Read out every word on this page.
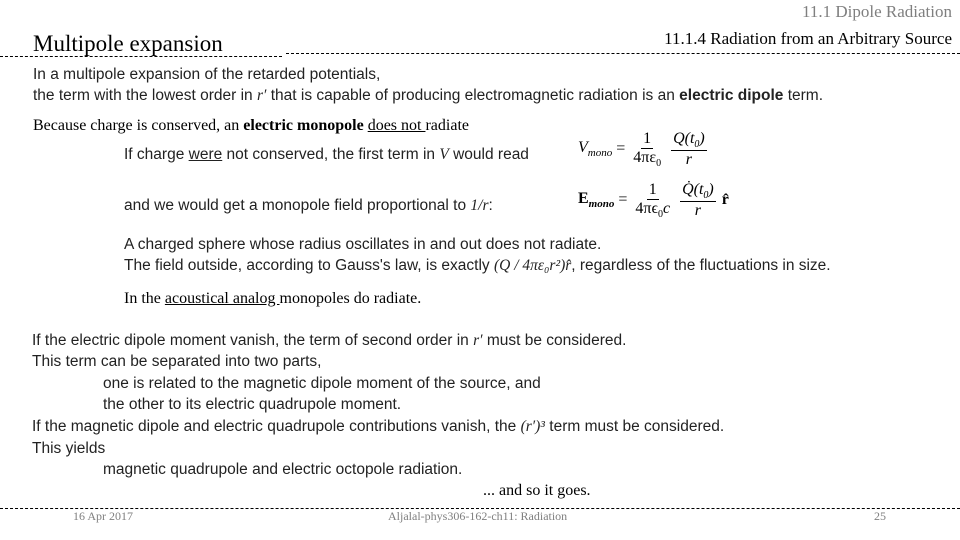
11.1 Dipole Radiation
11.1.4 Radiation from an Arbitrary Source
Multipole expansion
In a multipole expansion of the retarded potentials,
the term with the lowest order in r′ that is capable of producing electromagnetic radiation is an electric dipole term.
Because charge is conserved, an electric monopole does not radiate
If charge were not conserved, the first term in V would read	$V_{mono} = \frac{1}{4\pi\varepsilon_0} \frac{Q(t_0)}{r}$
and we would get a monopole field proportional to 1/r:	$E_{mono} = \frac{1}{4\pi\epsilon_0c} \frac{Q̇(t_0)}{r}$ r̂
A charged sphere whose radius oscillates in and out does not radiate.
The field outside, according to Gauss's law, is exactly (Q / 4πε₀r²)r̂, regardless of the fluctuations in size.
In the acoustical analog monopoles do radiate.
If the electric dipole moment vanish, the term of second order in r′ must be considered.
This term can be separated into two parts,
one is related to the magnetic dipole moment of the source, and
the other to its electric quadrupole moment.
If the magnetic dipole and electric quadrupole contributions vanish, the (r′)³ term must be considered.
This yields
magnetic quadrupole and electric octopole radiation.
... and so it goes.
16 Apr 2017	Aljalal-phys306-162-ch11: Radiation	25
